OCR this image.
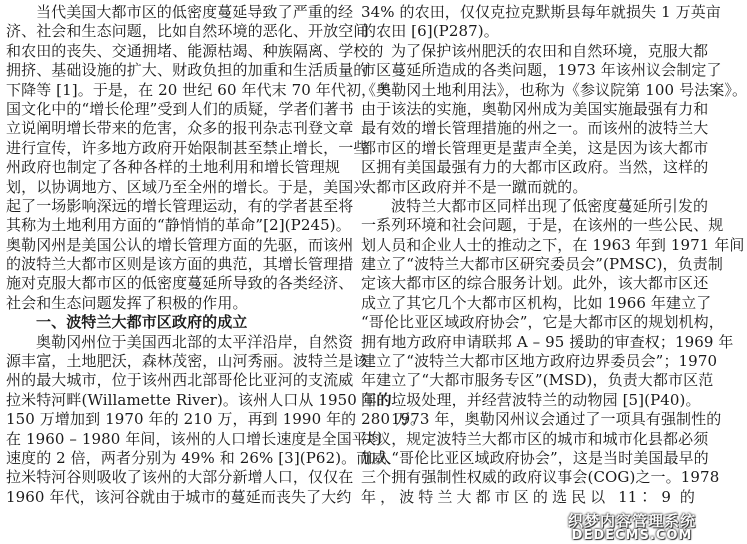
当代美国大都市区的低密度蔓延导致了严重的经
济、社会和生态问题，比如自然环境的恶化、开放空间
和农田的丧失、交通拥堵、能源枯竭、种族隔离、学校的
拥挤、基础设施的扩大、财政负担的加重和生活质量的
下降等 [1]。于是，在 20 世纪 60 年代末 70 年代初，美
国文化中的“增长伦理”受到人们的质疑，学者们著书
立说阐明增长带来的危害，众多的报刊杂志刊登文章
进行宣传，许多地方政府开始限制甚至禁止增长，一些
州政府也制定了各种各样的土地利用和增长管理规
划，以协调地方、区域乃至全州的增长。于是，美国兴
起了一场影响深远的增长管理运动，有的学者甚至将
其称为土地利用方面的“静悄悄的革命”[2](P245)。
奥勒冈州是美国公认的增长管理方面的先驱，而该州
的波特兰大都市区则是该方面的典范，其增长管理措
施对克服大都市区的低密度蔓延所导致的各类经济、
社会和生态问题发挥了积极的作用。
一、波特兰大都市区政府的成立
奥勒冈州位于美国西北部的太平洋沿岸，自然资
源丰富，土地肥沃，森林茂密，山河秀丽。波特兰是该
州的最大城市，位于该州西北部哥伦比亚河的支流威
拉米特河畔(Willamette River)。该州人口从 1950 年的
150 万增加到 1970 年的 210 万，再到 1990 年的 280 万。
在 1960 – 1980 年间，该州的人口增长速度是全国平均
速度的 2 倍，两者分别为 49% 和 26% [3](P62)。而威
拉米特河谷则吸收了该州的大部分新增人口，仅仅在
1960 年代，该河谷就由于城市的蔓延而丧失了大约
34% 的农田，仅仅克拉克默斯县每年就损失 1 万英亩
的农田 [6](P287)。
为了保护该州肥沃的农田和自然环境，克服大都
市区蔓延所造成的各类问题，1973 年该州议会制定了
《奥勒冈土地利用法》，也称为《参议院第 100 号法案》。
由于该法的实施，奥勒冈州成为美国实施最强有力和
最有效的增长管理措施的州之一。而该州的波特兰大
都市区的增长管理更是蜚声全美，这是因为该大都市
区拥有美国最强有力的大都市区政府。当然，这样的
大都市区政府并不是一蹴而就的。
波特兰大都市区同样出现了低密度蔓延所引发的
一系列环境和社会问题，于是，在该州的一些公民、规
划人员和企业人士的推动之下，在 1963 年到 1971 年间
建立了“波特兰大都市区研究委员会”(PMSC)，负责制
定该大都市区的综合服务计划。此外，该大都市区还
成立了其它几个大都市区机构，比如 1966 年建立了
“哥伦比亚区域政府协会”，它是大都市区的规划机构，
拥有地方政府申请联邦 A – 95 援助的审查权；1969 年
建立了“波特兰大都市区地方政府边界委员会”；1970
年建立了“大都市服务专区”(MSD)，负责大都市区范
围的垃圾处理，并经营波特兰的动物园 [5](P40)。
1973 年，奥勒冈州议会通过了一项具有强制性的
决议，规定波特兰大都市区的城市和城市化县都必须
加入“哥伦比亚区域政府协会”，这是当时美国最早的
三个拥有强制性权威的政府议事会(COG)之一。1978
年，波特兰大都市区的选民以 11∶ 9 的
织梦内容管理系统
DEDECMS.COM
